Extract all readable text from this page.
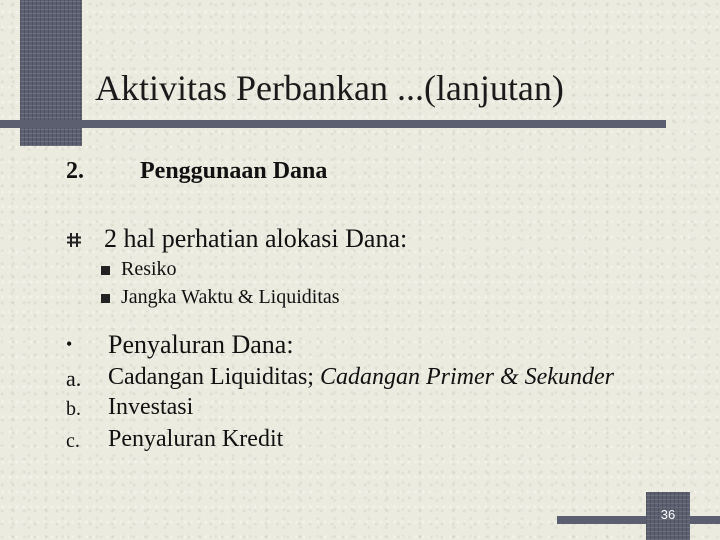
Aktivitas Perbankan ...(lanjutan)
2. Penggunaan Dana
2 hal perhatian alokasi Dana:
Resiko
Jangka Waktu & Liquiditas
• Penyaluran Dana:
a. Cadangan Liquiditas; Cadangan Primer & Sekunder
b. Investasi
c. Penyaluran Kredit
36
